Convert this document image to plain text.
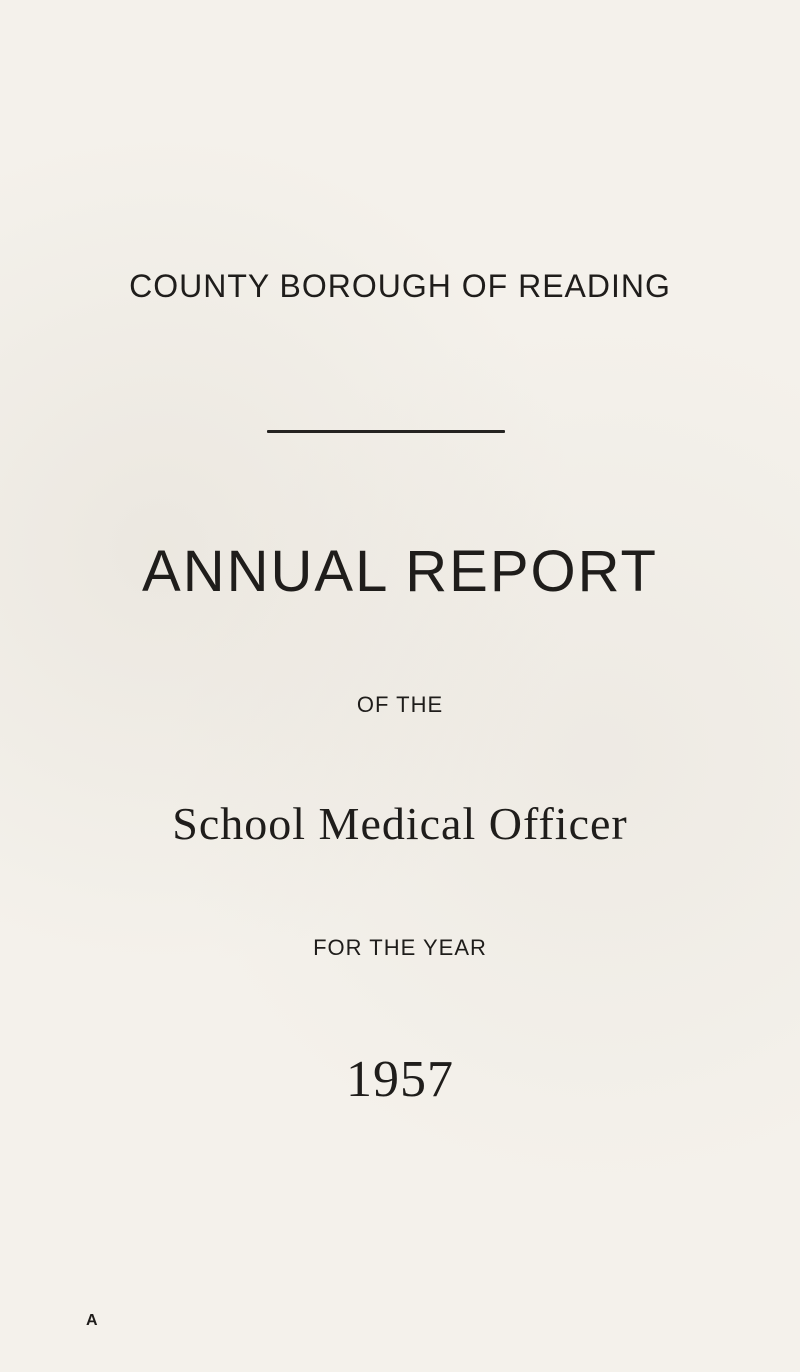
COUNTY BOROUGH OF READING
ANNUAL REPORT
OF THE
School Medical Officer
FOR THE YEAR
1957
A
